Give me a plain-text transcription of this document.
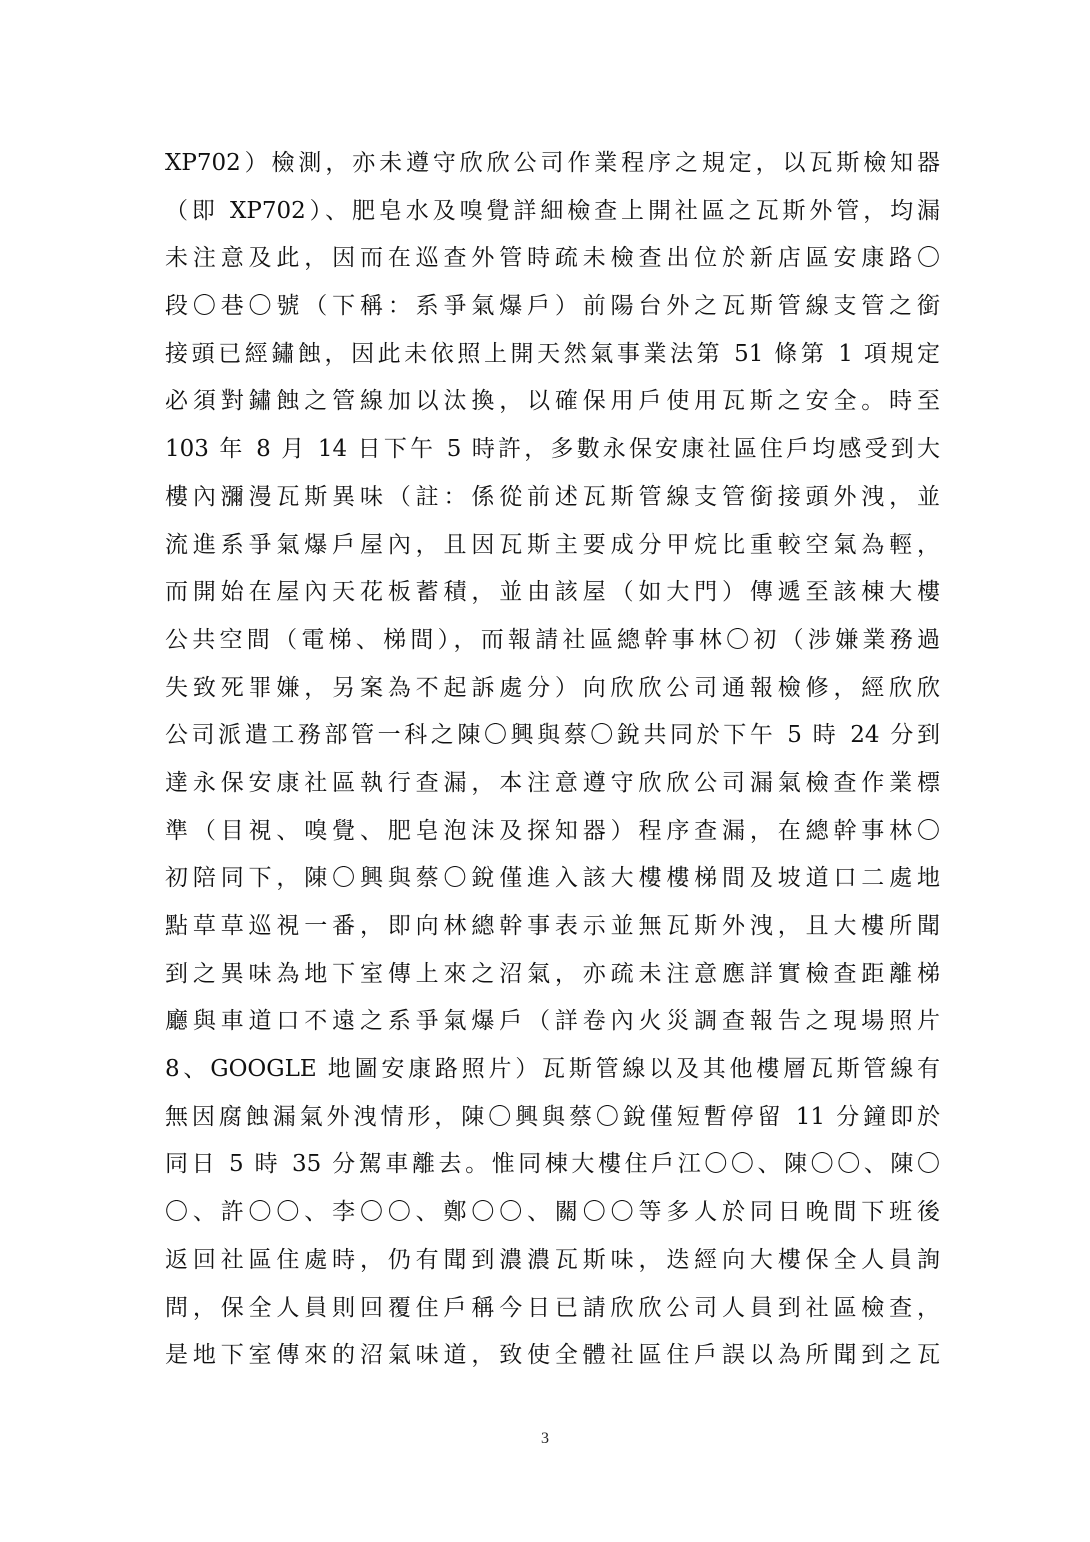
XP702）檢測，亦未遵守欣欣公司作業程序之規定，以瓦斯檢知器
（即 XP702）、肥皂水及嗅覺詳細檢查上開社區之瓦斯外管，均漏
未注意及此，因而在巡查外管時疏未檢查出位於新店區安康路〇
段〇巷〇號（下稱：系爭氣爆戶）前陽台外之瓦斯管線支管之銜
接頭已經鏽蝕，因此未依照上開天然氣事業法第 51 條第 1 項規定
必須對鏽蝕之管線加以汰換，以確保用戶使用瓦斯之安全。時至
103 年 8 月 14 日下午 5 時許，多數永保安康社區住戶均感受到大
樓內瀰漫瓦斯異味（註：係從前述瓦斯管線支管銜接頭外洩，並
流進系爭氣爆戶屋內，且因瓦斯主要成分甲烷比重較空氣為輕，
而開始在屋內天花板蓄積，並由該屋（如大門）傳遞至該棟大樓
公共空間（電梯、梯間），而報請社區總幹事林〇初（涉嫌業務過
失致死罪嫌，另案為不起訴處分）向欣欣公司通報檢修，經欣欣
公司派遣工務部管一科之陳〇興與蔡〇銳共同於下午 5 時 24 分到
達永保安康社區執行查漏，本注意遵守欣欣公司漏氣檢查作業標
準（目視、嗅覺、肥皂泡沫及探知器）程序查漏，在總幹事林〇
初陪同下，陳〇興與蔡〇銳僅進入該大樓樓梯間及坡道口二處地
點草草巡視一番，即向林總幹事表示並無瓦斯外洩，且大樓所聞
到之異味為地下室傳上來之沼氣，亦疏未注意應詳實檢查距離梯
廳與車道口不遠之系爭氣爆戶（詳卷內火災調查報告之現場照片
8、GOOGLE 地圖安康路照片）瓦斯管線以及其他樓層瓦斯管線有
無因腐蝕漏氣外洩情形，陳〇興與蔡〇銳僅短暫停留 11 分鐘即於
同日 5 時 35 分駕車離去。惟同棟大樓住戶江〇〇、陳〇〇、陳〇
〇、許〇〇、李〇〇、鄭〇〇、關〇〇等多人於同日晚間下班後
返回社區住處時，仍有聞到濃濃瓦斯味，迭經向大樓保全人員詢
問，保全人員則回覆住戶稱今日已請欣欣公司人員到社區檢查，
是地下室傳來的沼氣味道，致使全體社區住戶誤以為所聞到之瓦
3
